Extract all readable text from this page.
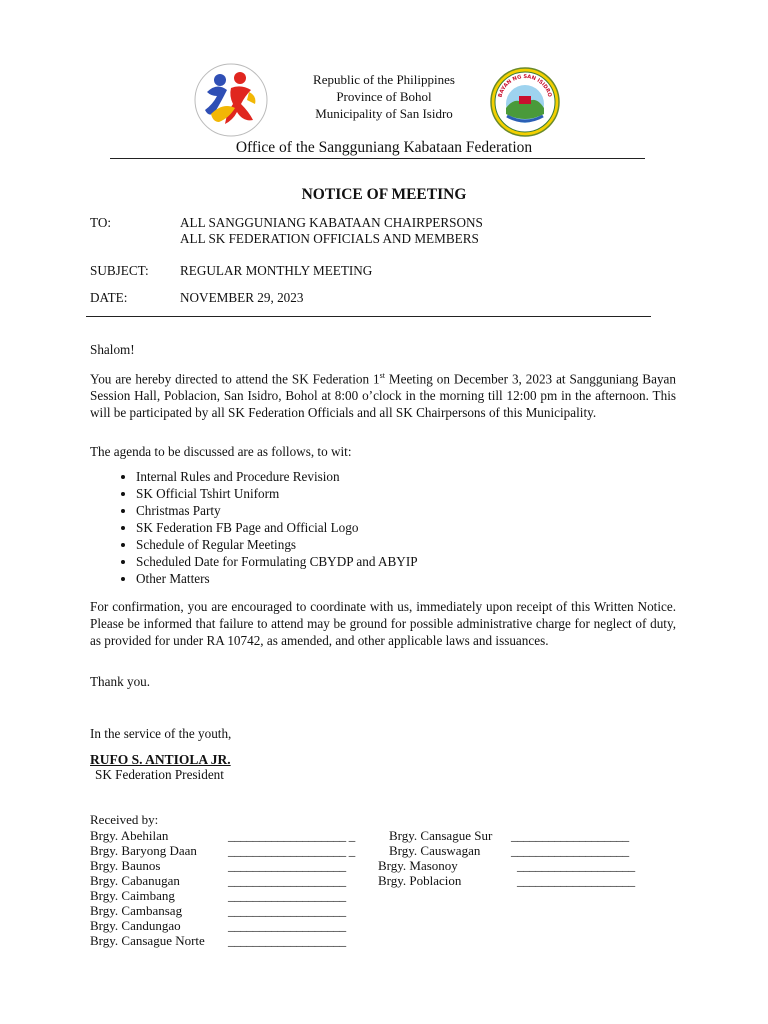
Republic of the Philippines
Province of Bohol
Municipality of San Isidro
BAYAN NG SAN ISIDRO
Office of the Sangguniang Kabataan Federation
NOTICE OF MEETING
TO:	ALL SANGGUNIANG KABATAAN CHAIRPERSONS
ALL SK FEDERATION OFFICIALS AND MEMBERS
SUBJECT: REGULAR MONTHLY MEETING
DATE:	NOVEMBER 29, 2023
Shalom!
You are hereby directed to attend the SK Federation 1st Meeting on December 3, 2023 at Sangguniang Bayan Session Hall, Poblacion, San Isidro, Bohol at 8:00 o’clock in the morning till 12:00 pm in the afternoon. This will be participated by all SK Federation Officials and all SK Chairpersons of this Municipality.
The agenda to be discussed are as follows, to wit:
• Internal Rules and Procedure Revision
• SK Official Tshirt Uniform
• Christmas Party
• SK Federation FB Page and Official Logo
• Schedule of Regular Meetings
• Scheduled Date for Formulating CBYDP and ABYIP
• Other Matters
For confirmation, you are encouraged to coordinate with us, immediately upon receipt of this Written Notice. Please be informed that failure to attend may be ground for possible administrative charge for neglect of duty, as provided for under RA 10742, as amended, and other applicable laws and issuances.
Thank you.
In the service of the youth,
RUFO S. ANTIOLA JR.
SK Federation President
Received by:
Brgy. Abehilan	___________________ _
Brgy. Baryong Daan ___________________ _
Brgy. Baunos	___________________
Brgy. Cabanugan	___________________
Brgy. Caimbang	___________________
Brgy. Cambansag	___________________
Brgy. Candungao	___________________
Brgy. Cansague Norte ___________________
Brgy. Cansague Sur ___________________
Brgy. Causwagan ___________________
Brgy. Masonoy	___________________
Brgy. Poblacion	___________________
